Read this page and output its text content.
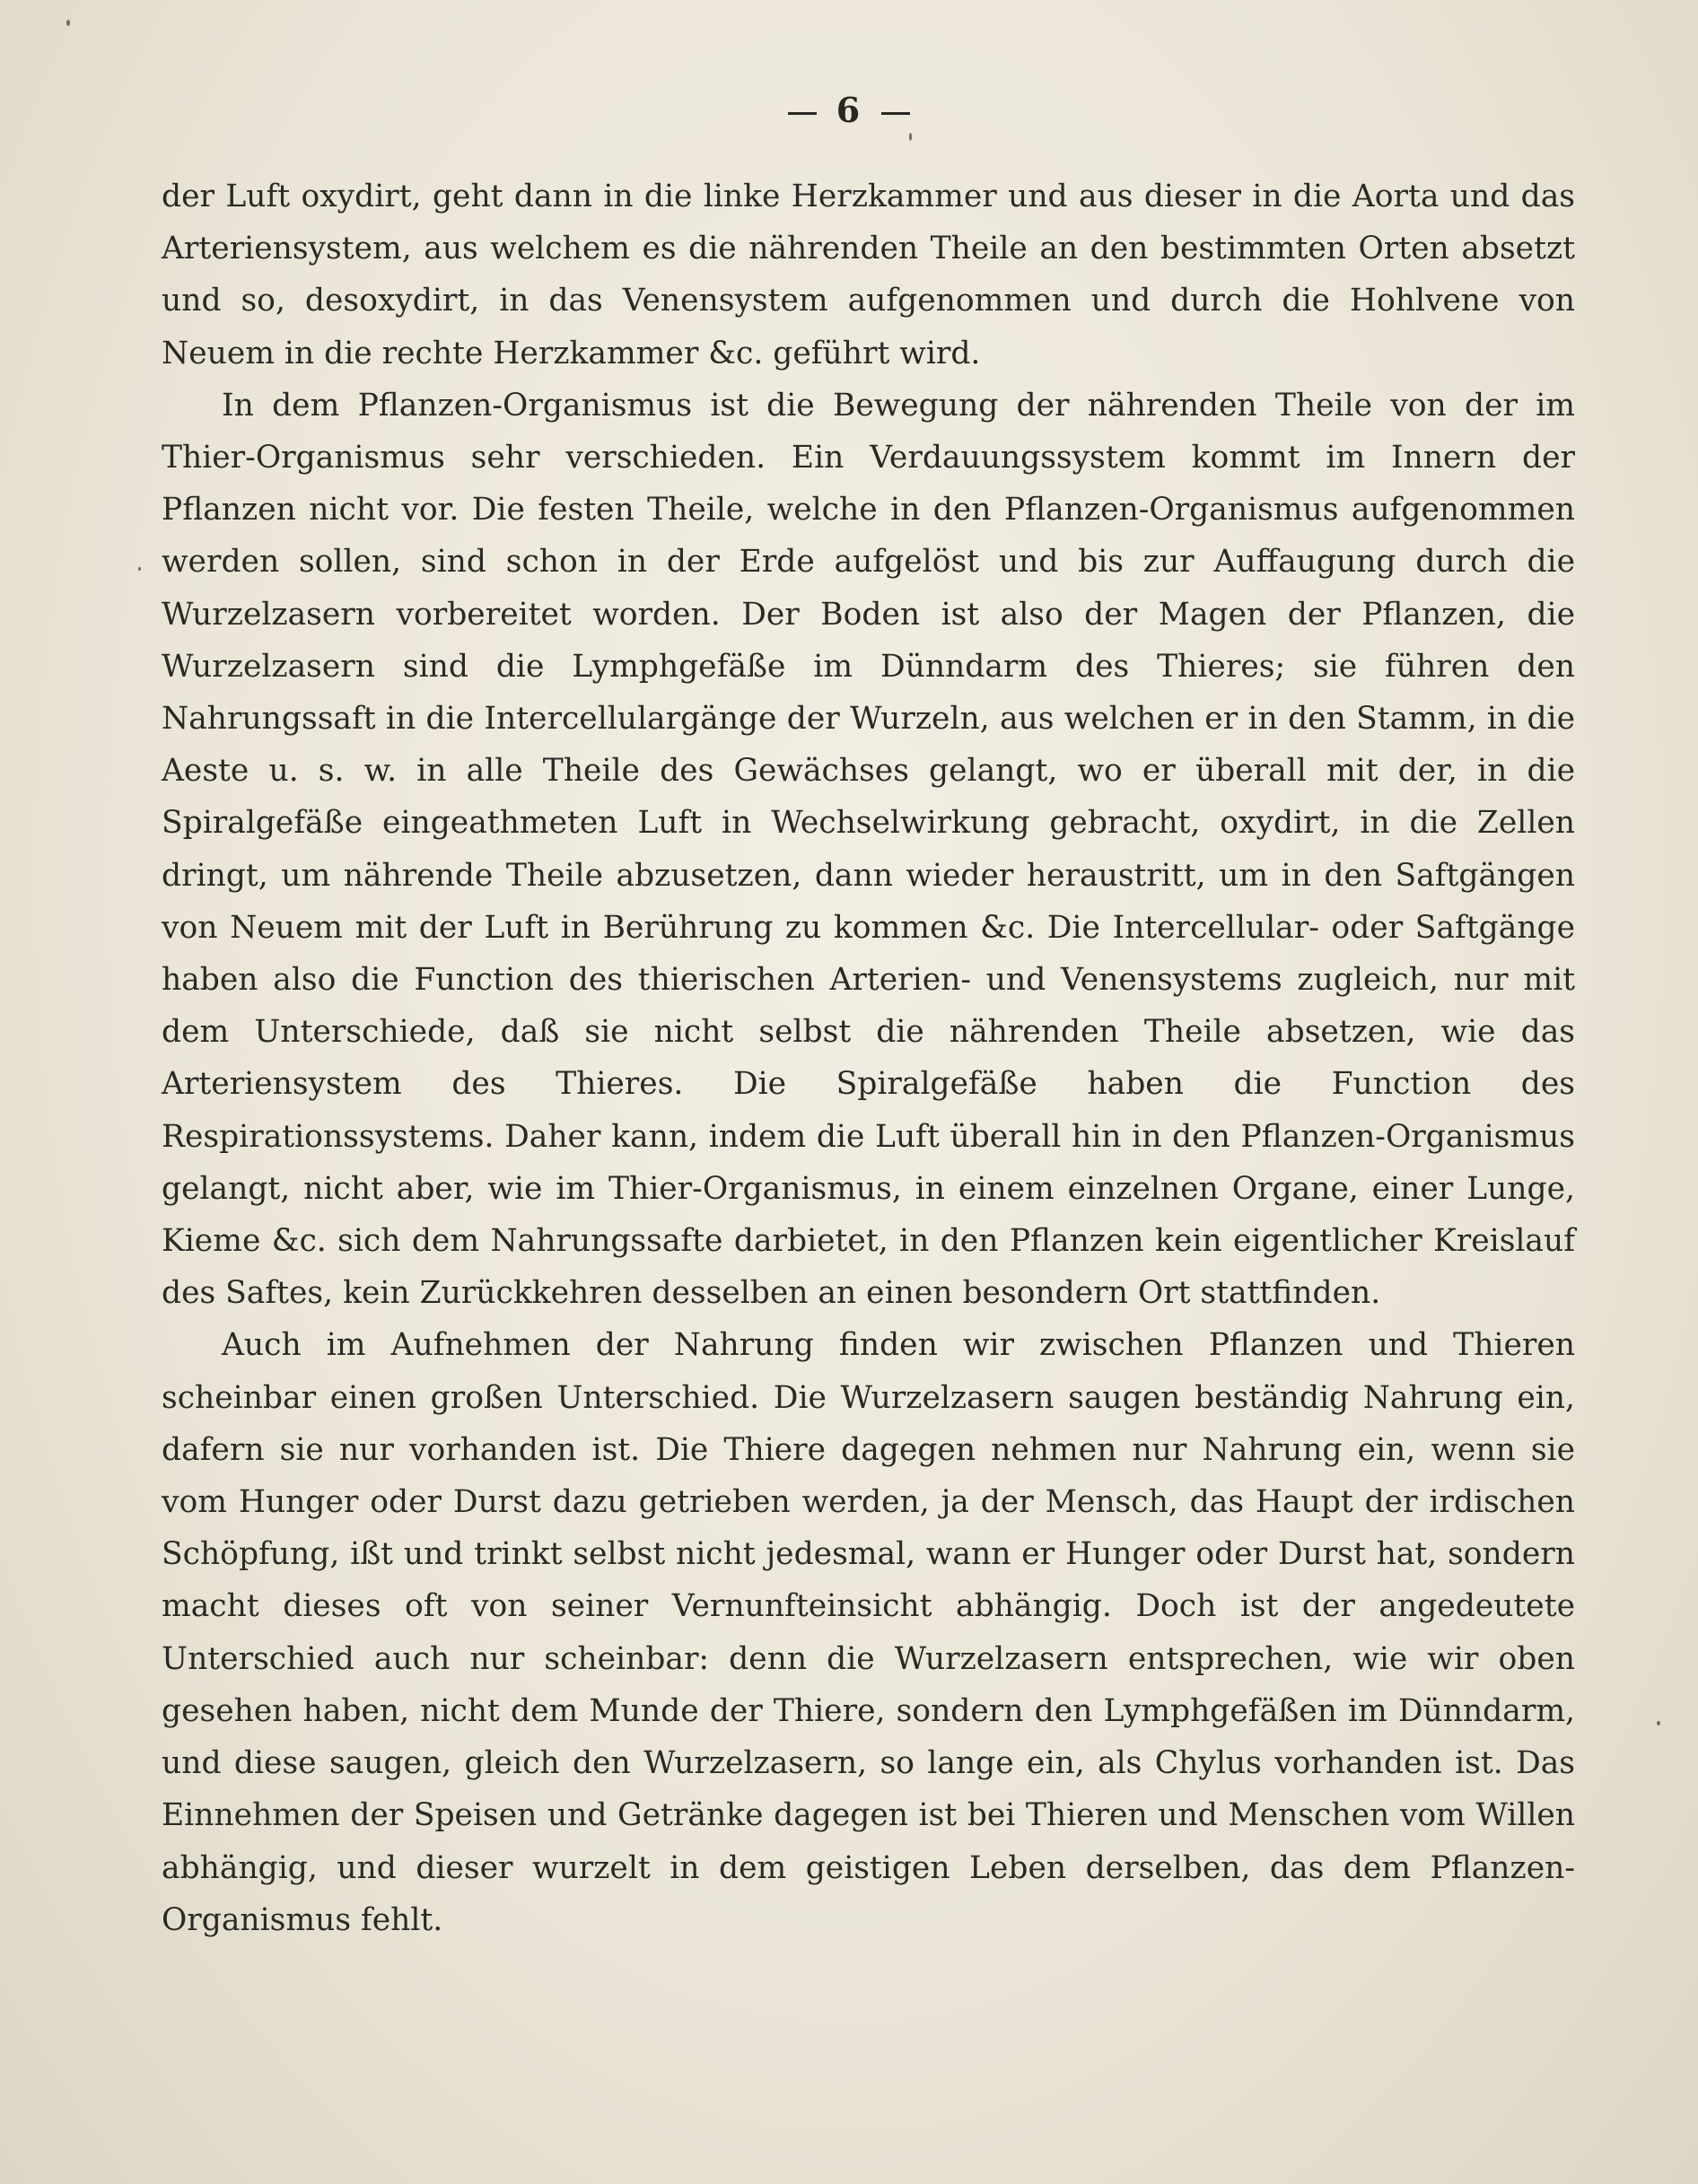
6

der Luft oxydirt, geht dann in die linke Herzkammer und aus dieser in die Aorta und das Arteriensystem, aus welchem es die nährenden Theile an den bestimmten Orten absetzt und so, desoxydirt, in das Venensystem aufgenommen und durch die Hohlvene von Neuem in die rechte Herzkammer &c. geführt wird.

In dem Pflanzen-Organismus ist die Bewegung der nährenden Theile von der im Thier-Organismus sehr verschieden. Ein Verdauungssystem kommt im Innern der Pflanzen nicht vor. Die festen Theile, welche in den Pflanzen-Organismus aufgenommen werden sollen, sind schon in der Erde aufgelöst und bis zur Auffaugung durch die Wurzelzasern vorbereitet worden. Der Boden ist also der Magen der Pflanzen, die Wurzelzasern sind die Lymphgefäße im Dünndarm des Thieres; sie führen den Nahrungssaft in die Intercellulargänge der Wurzeln, aus welchen er in den Stamm, in die Aeste u. s. w. in alle Theile des Gewächses gelangt, wo er überall mit der, in die Spiralgefäße eingeathmeten Luft in Wechselwirkung gebracht, oxydirt, in die Zellen dringt, um nährende Theile abzusetzen, dann wieder heraustritt, um in den Saftgängen von Neuem mit der Luft in Berührung zu kommen &c. Die Intercellular- oder Saftgänge haben also die Function des thierischen Arterien- und Venensystems zugleich, nur mit dem Unterschiede, daß sie nicht selbst die nährenden Theile absetzen, wie das Arteriensystem des Thieres. Die Spiralgefäße haben die Function des Respirationssystems. Daher kann, indem die Luft überall hin in den Pflanzen-Organismus gelangt, nicht aber, wie im Thier-Organismus, in einem einzelnen Organe, einer Lunge, Kieme &c. sich dem Nahrungssafte darbietet, in den Pflanzen kein eigentlicher Kreislauf des Saftes, kein Zurückkehren desselben an einen besondern Ort stattfinden.

Auch im Aufnehmen der Nahrung finden wir zwischen Pflanzen und Thieren scheinbar einen großen Unterschied. Die Wurzelzasern saugen beständig Nahrung ein, dafern sie nur vorhanden ist. Die Thiere dagegen nehmen nur Nahrung ein, wenn sie vom Hunger oder Durst dazu getrieben werden, ja der Mensch, das Haupt der irdischen Schöpfung, ißt und trinkt selbst nicht jedesmal, wann er Hunger oder Durst hat, sondern macht dieses oft von seiner Vernunfteinsicht abhängig. Doch ist der angedeutete Unterschied auch nur scheinbar: denn die Wurzelzasern entsprechen, wie wir oben gesehen haben, nicht dem Munde der Thiere, sondern den Lymphgefäßen im Dünndarm, und diese saugen, gleich den Wurzelzasern, so lange ein, als Chylus vorhanden ist. Das Einnehmen der Speisen und Getränke dagegen ist bei Thieren und Menschen vom Willen abhängig, und dieser wurzelt in dem geistigen Leben derselben, das dem Pflanzen-Organismus fehlt.
